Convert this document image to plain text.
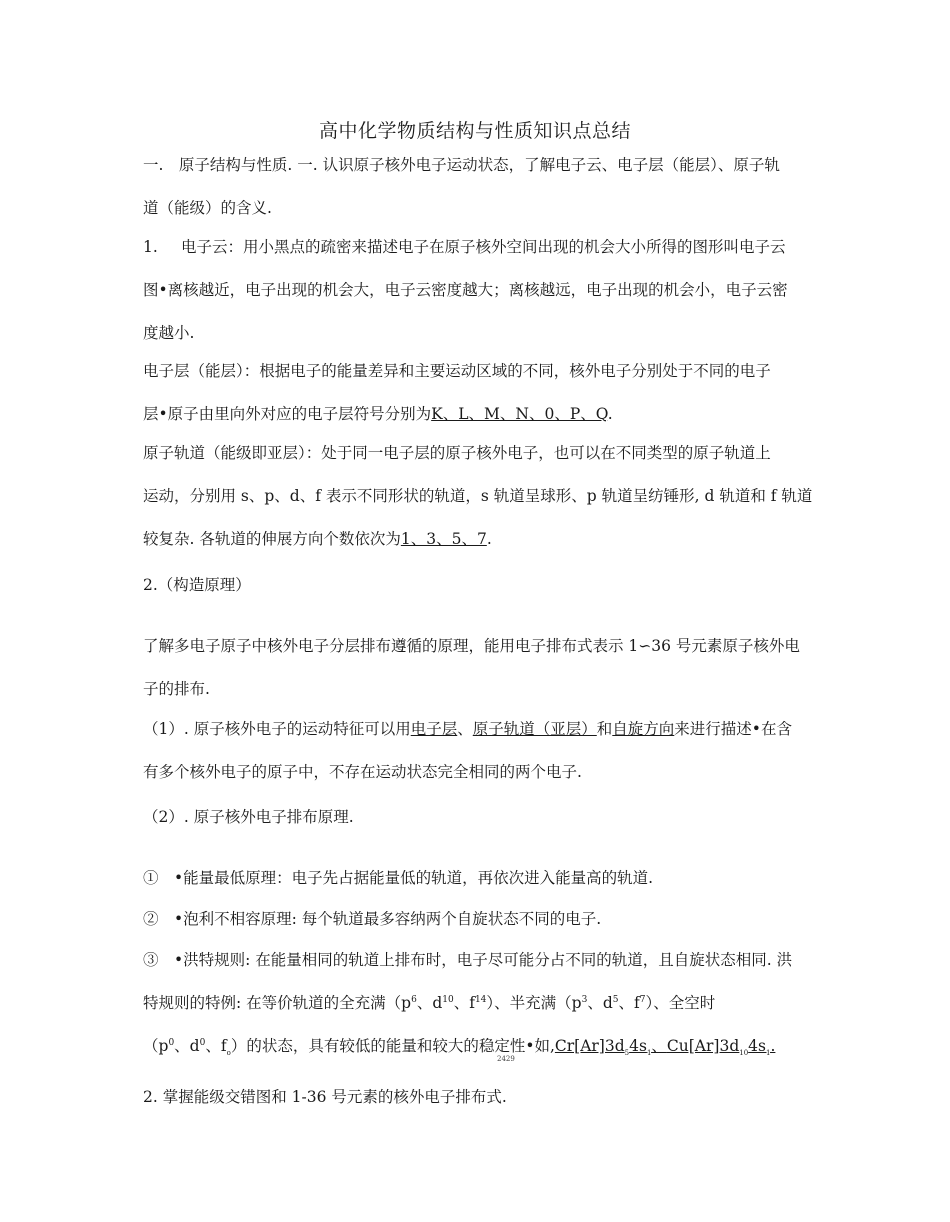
高中化学物质结构与性质知识点总结
一.　原子结构与性质. 一. 认识原子核外电子运动状态，了解电子云、电子层（能层）、原子轨
道（能级）的含义.
1. 电子云：用小黑点的疏密来描述电子在原子核外空间出现的机会大小所得的图形叫电子云
图•离核越近，电子出现的机会大，电子云密度越大；离核越远，电子出现的机会小，电子云密
度越小.
电子层（能层）：根据电子的能量差异和主要运动区域的不同，核外电子分别处于不同的电子
层•原子由里向外对应的电子层符号分别为K、L、M、N、0、P、Q.
原子轨道（能级即亚层）：处于同一电子层的原子核外电子，也可以在不同类型的原子轨道上
运动，分别用 s、p、d、f 表示不同形状的轨道，s 轨道呈球形、p 轨道呈纺锤形, d 轨道和 f 轨道
较复杂. 各轨道的伸展方向个数依次为1、3、5、7.
2.（构造原理）
了解多电子原子中核外电子分层排布遵循的原理，能用电子排布式表示 1∽36 号元素原子核外电
子的排布.
（1）. 原子核外电子的运动特征可以用电子层、原子轨道（亚层）和自旋方向来进行描述•在含
有多个核外电子的原子中，不存在运动状态完全相同的两个电子.
（2）. 原子核外电子排布原理.
①　•能量最低原理：电子先占据能量低的轨道，再依次进入能量高的轨道.
②　•泡利不相容原理: 每个轨道最多容纳两个自旋状态不同的电子.
③　•洪特规则: 在能量相同的轨道上排布时，电子尽可能分占不同的轨道，且自旋状态相同. 洪
特规则的特例: 在等价轨道的全充满（$p^6$、$d^{10}$、$f^{14}$）、半充满（$p^3$、$d^5$、$f^7$）、全空时
（$p^0$、$d^0$、$f_o$）的状态，具有较低的能量和较大的稳定性•如$,Cr[Ar]3d_54s_1$、$Cu[Ar]3d_{10}4s_1$.
2429
2. 掌握能级交错图和 1-36 号元素的核外电子排布式.
